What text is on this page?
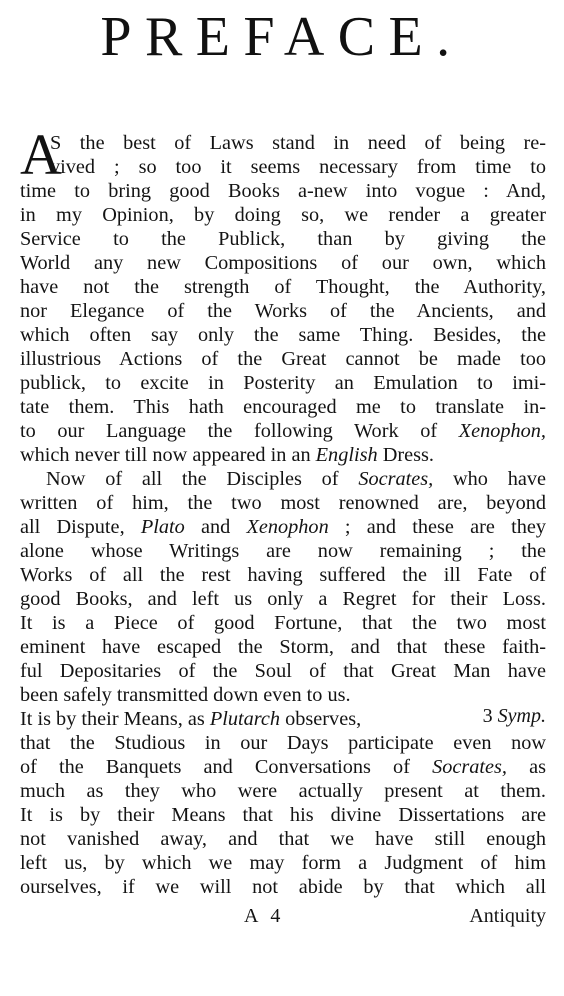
PREFACE.
A
S the best of Laws stand in need of being re-
vived ; so too it seems necessary from time to
time to bring good Books a-new into vogue : And,
in my Opinion, by doing so, we render a greater
Service to the Publick, than by giving the
World any new Compositions of our own, which
have not the strength of Thought, the Authority,
nor Elegance of the Works of the Ancients, and
which often say only the same Thing. Besides, the
illustrious Actions of the Great cannot be made too
publick, to excite in Posterity an Emulation to imi-
tate them. This hath encouraged me to translate in-
to our Language the following Work of Xenophon,
which never till now appeared in an English Dress.
Now of all the Disciples of Socrates, who have
written of him, the two most renowned are, beyond
all Dispute, Plato and Xenophon ; and these are they
alone whose Writings are now remaining ; the
Works of all the rest having suffered the ill Fate of
good Books, and left us only a Regret for their Loss.
It is a Piece of good Fortune, that the two most
eminent have escaped the Storm, and that these faith-
ful Depositaries of the Soul of that Great Man have
been safely transmitted down even to us.
It is by their Means, as Plutarch observes,
that the Studious in our Days participate even now
of the Banquets and Conversations of Socrates, as
much as they who were actually present at them.
It is by their Means that his divine Dissertations are
not vanished away, and that we have still enough
left us, by which we may form a Judgment of him
ourselves, if we will not abide by that which all
3 Symp.
A 4	Antiquity
